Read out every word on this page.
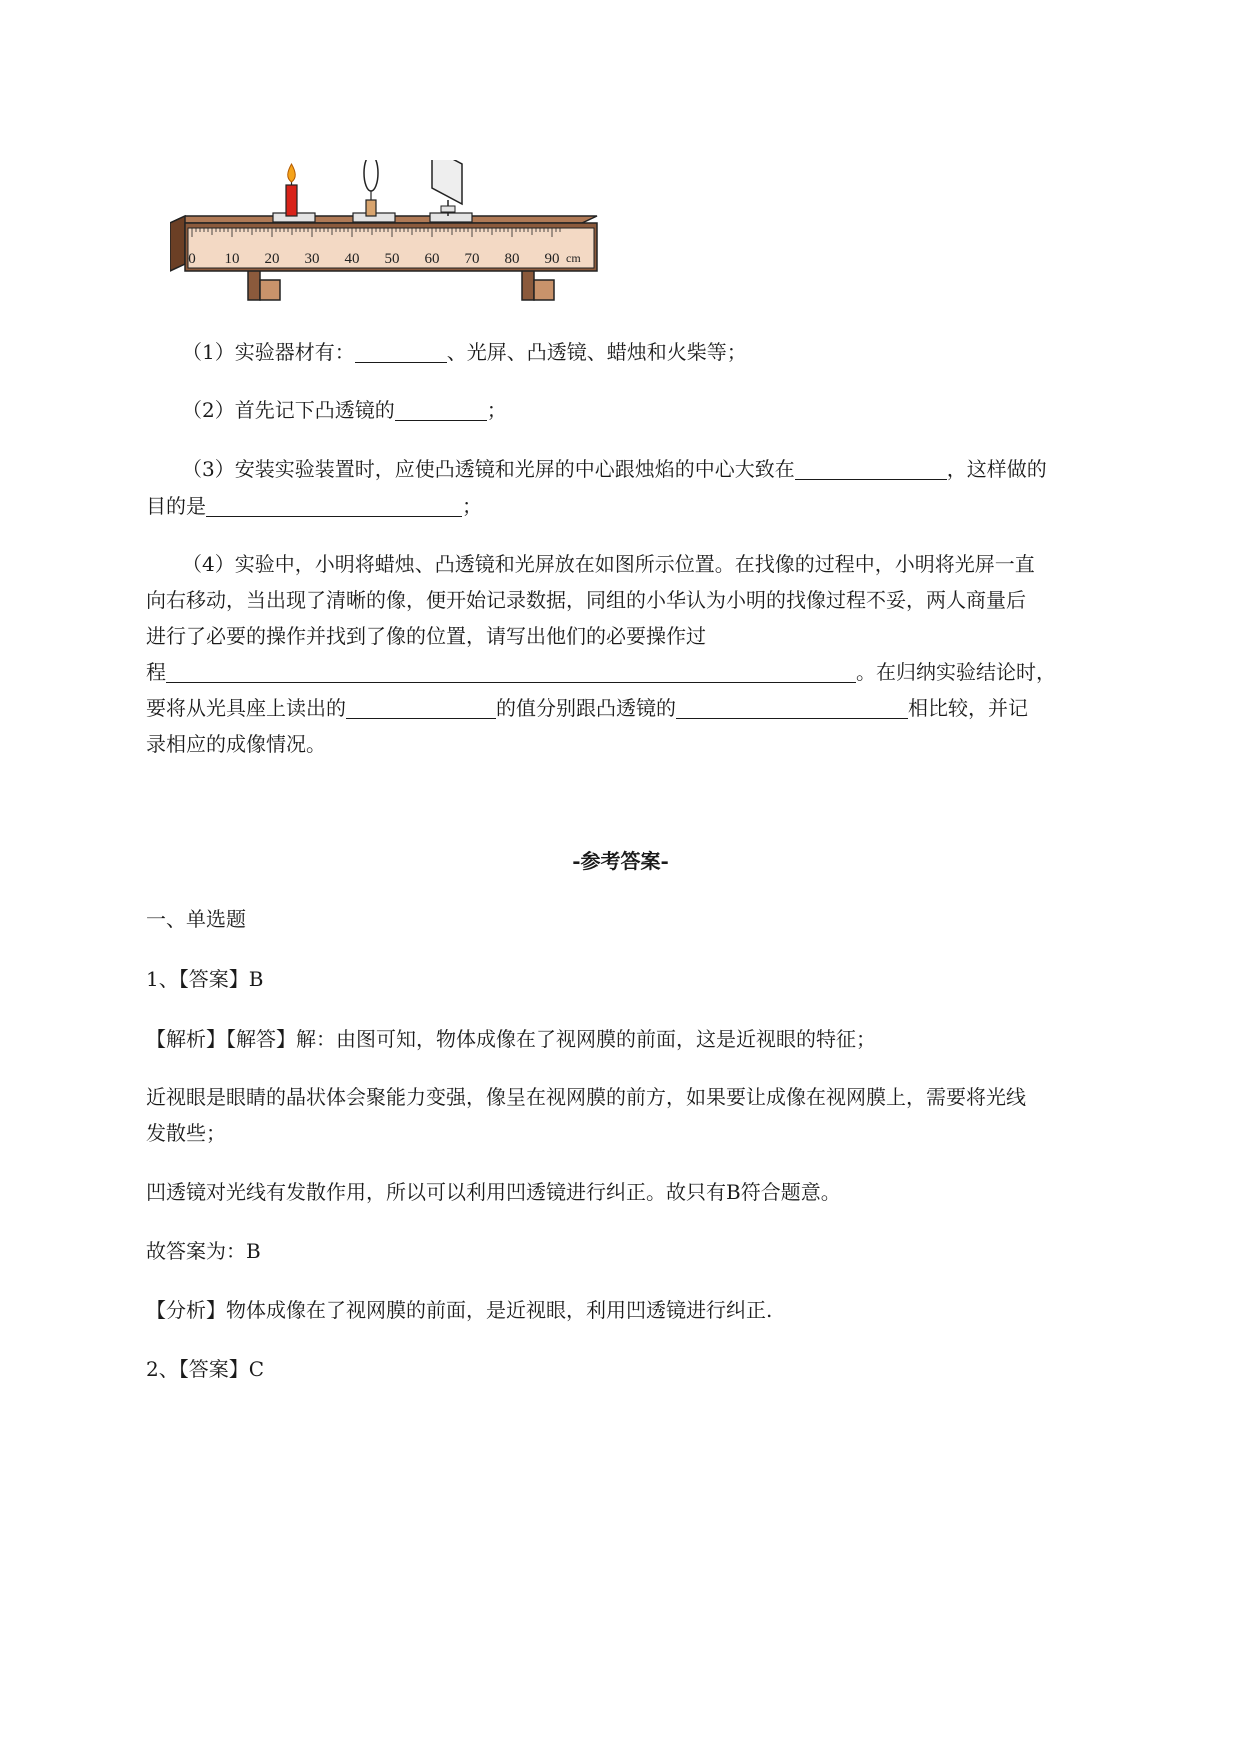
0 10 20 30 40 50 60 70 80 90 cm
（1）实验器材有：	、光屏、凸透镜、蜡烛和火柴等；
（2）首先记下凸透镜的	；
（3）安装实验装置时，应使凸透镜和光屏的中心跟烛焰的中心大致在	，这样做的
目的是	；
（4）实验中，小明将蜡烛、凸透镜和光屏放在如图所示位置。在找像的过程中，小明将光屏一直
向右移动，当出现了清晰的像，便开始记录数据，同组的小华认为小明的找像过程不妥，两人商量后
进行了必要的操作并找到了像的位置，请写出他们的必要操作过
程	。在归纳实验结论时，
要将从光具座上读出的	的值分别跟凸透镜的	相比较，并记
录相应的成像情况。
-参考答案-
一、单选题
1、【答案】B
【解析】【解答】解：由图可知，物体成像在了视网膜的前面，这是近视眼的特征；
近视眼是眼睛的晶状体会聚能力变强，像呈在视网膜的前方，如果要让成像在视网膜上，需要将光线
发散些；
凹透镜对光线有发散作用，所以可以利用凹透镜进行纠正。故只有B符合题意。
故答案为：B
【分析】物体成像在了视网膜的前面，是近视眼，利用凹透镜进行纠正.
2、【答案】C
